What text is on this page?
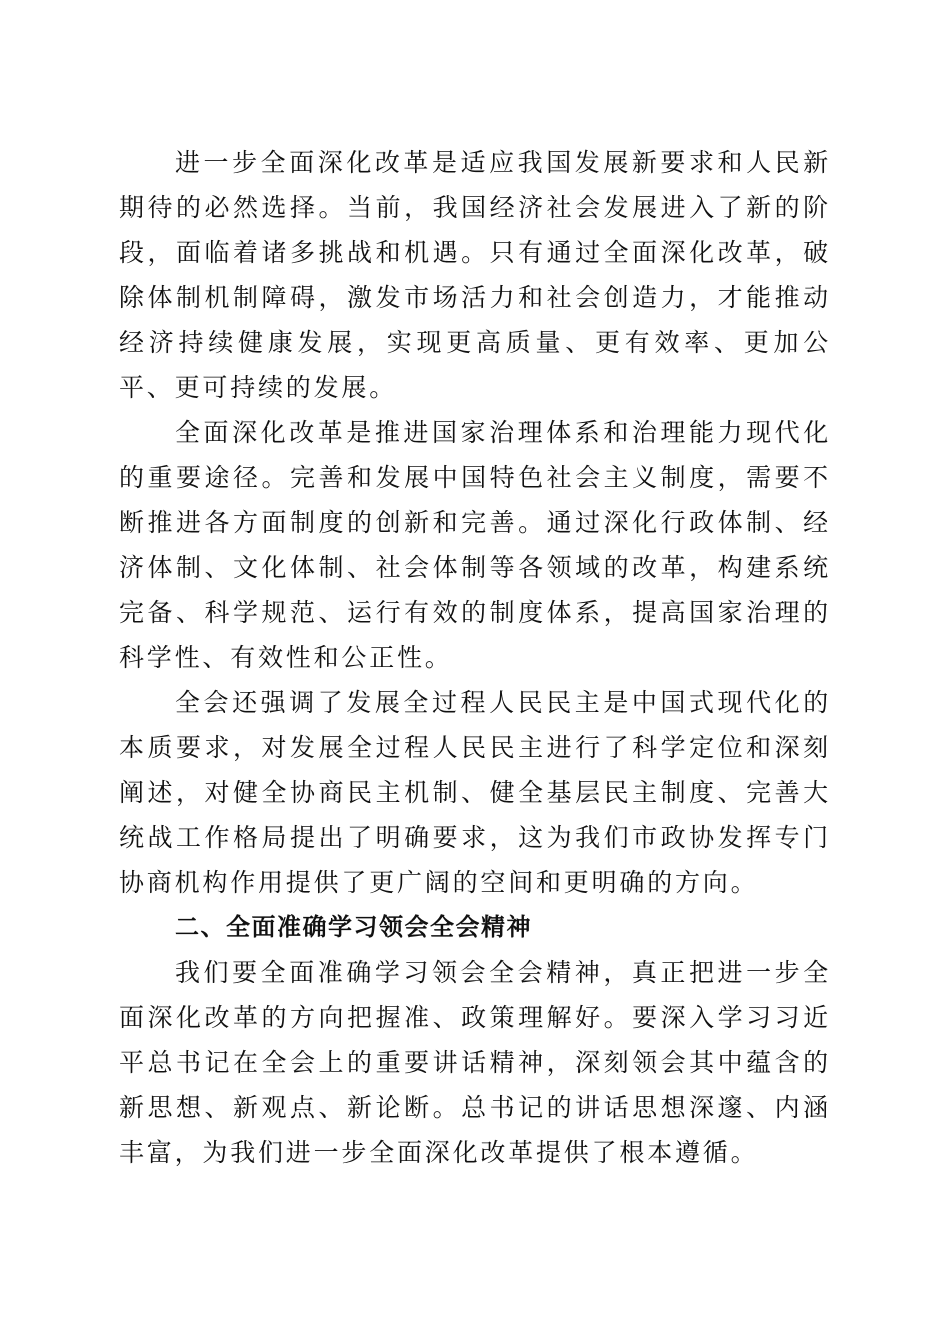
进一步全面深化改革是适应我国发展新要求和人民新期待的必然选择。当前，我国经济社会发展进入了新的阶段，面临着诸多挑战和机遇。只有通过全面深化改革，破除体制机制障碍，激发市场活力和社会创造力，才能推动经济持续健康发展，实现更高质量、更有效率、更加公平、更可持续的发展。

全面深化改革是推进国家治理体系和治理能力现代化的重要途径。完善和发展中国特色社会主义制度，需要不断推进各方面制度的创新和完善。通过深化行政体制、经济体制、文化体制、社会体制等各领域的改革，构建系统完备、科学规范、运行有效的制度体系，提高国家治理的科学性、有效性和公正性。

全会还强调了发展全过程人民民主是中国式现代化的本质要求，对发展全过程人民民主进行了科学定位和深刻阐述，对健全协商民主机制、健全基层民主制度、完善大统战工作格局提出了明确要求，这为我们市政协发挥专门协商机构作用提供了更广阔的空间和更明确的方向。

二、全面准确学习领会全会精神

我们要全面准确学习领会全会精神，真正把进一步全面深化改革的方向把握准、政策理解好。要深入学习习近平总书记在全会上的重要讲话精神，深刻领会其中蕴含的新思想、新观点、新论断。总书记的讲话思想深邃、内涵丰富，为我们进一步全面深化改革提供了根本遵循。
